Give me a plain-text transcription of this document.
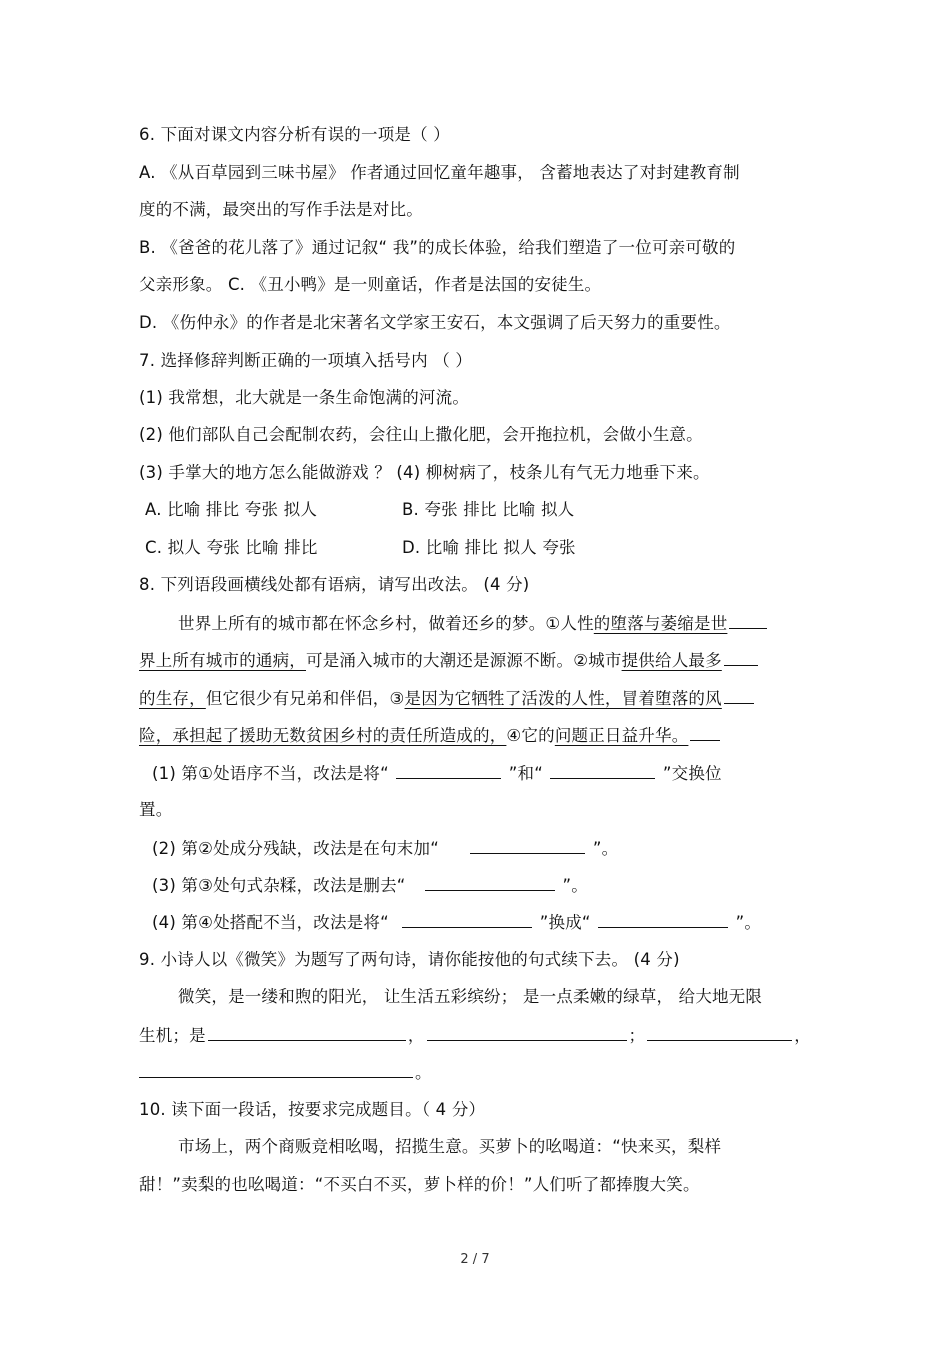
6. 下面对课文内容分析有误的一项是（ ）
A. 《从百草园到三味书屋》 作者通过回忆童年趣事， 含蓄地表达了对封建教育制
度的不满，最突出的写作手法是对比。
B. 《爸爸的花儿落了》通过记叙“ 我”的成长体验，给我们塑造了一位可亲可敬的
父亲形象。 C. 《丑小鸭》是一则童话，作者是法国的安徒生。
D. 《伤仲永》的作者是北宋著名文学家王安石，本文强调了后天努力的重要性。
7. 选择修辞判断正确的一项填入括号内 （ ）
(1) 我常想，北大就是一条生命饱满的河流。
(2) 他们部队自己会配制农药，会往山上撒化肥，会开拖拉机，会做小生意。
(3) 手掌大的地方怎么能做游戏 ？ (4) 柳树病了，枝条儿有气无力地垂下来。
A. 比喻 排比 夸张 拟人	B. 夸张 排比 比喻 拟人
C. 拟人 夸张 比喻 排比	D. 比喻 排比 拟人 夸张
8. 下列语段画横线处都有语病，请写出改法。 (4 分)
世界上所有的城市都在怀念乡村，做着还乡的梦。①人性的堕落与萎缩是世
界上所有城市的通病，可是涌入城市的大潮还是源源不断。②城市提供给人最多
的生存，但它很少有兄弟和伴侣，③是因为它牺牲了活泼的人性，冒着堕落的风
险，承担起了援助无数贫困乡村的责任所造成的，④它的问题正日益升华。
(1) 第①处语序不当，改法是将“	”和“	”交换位
置。
(2) 第②处成分残缺，改法是在句末加“	”。
(3) 第③处句式杂糅，改法是删去“	”。
(4) 第④处搭配不当，改法是将“	”换成“	”。
9. 小诗人以《微笑》为题写了两句诗，请你能按他的句式续下去。 (4 分)
微笑，是一缕和煦的阳光， 让生活五彩缤纷； 是一点柔嫩的绿草， 给大地无限
生机；是	，	；	，
。
10. 读下面一段话，按要求完成题目。（ 4 分）
市场上，两个商贩竞相吆喝，招揽生意。买萝卜的吆喝道：“快来买，梨样
甜！”卖梨的也吆喝道：“不买白不买，萝卜样的价！”人们听了都捧腹大笑。
2 / 7
